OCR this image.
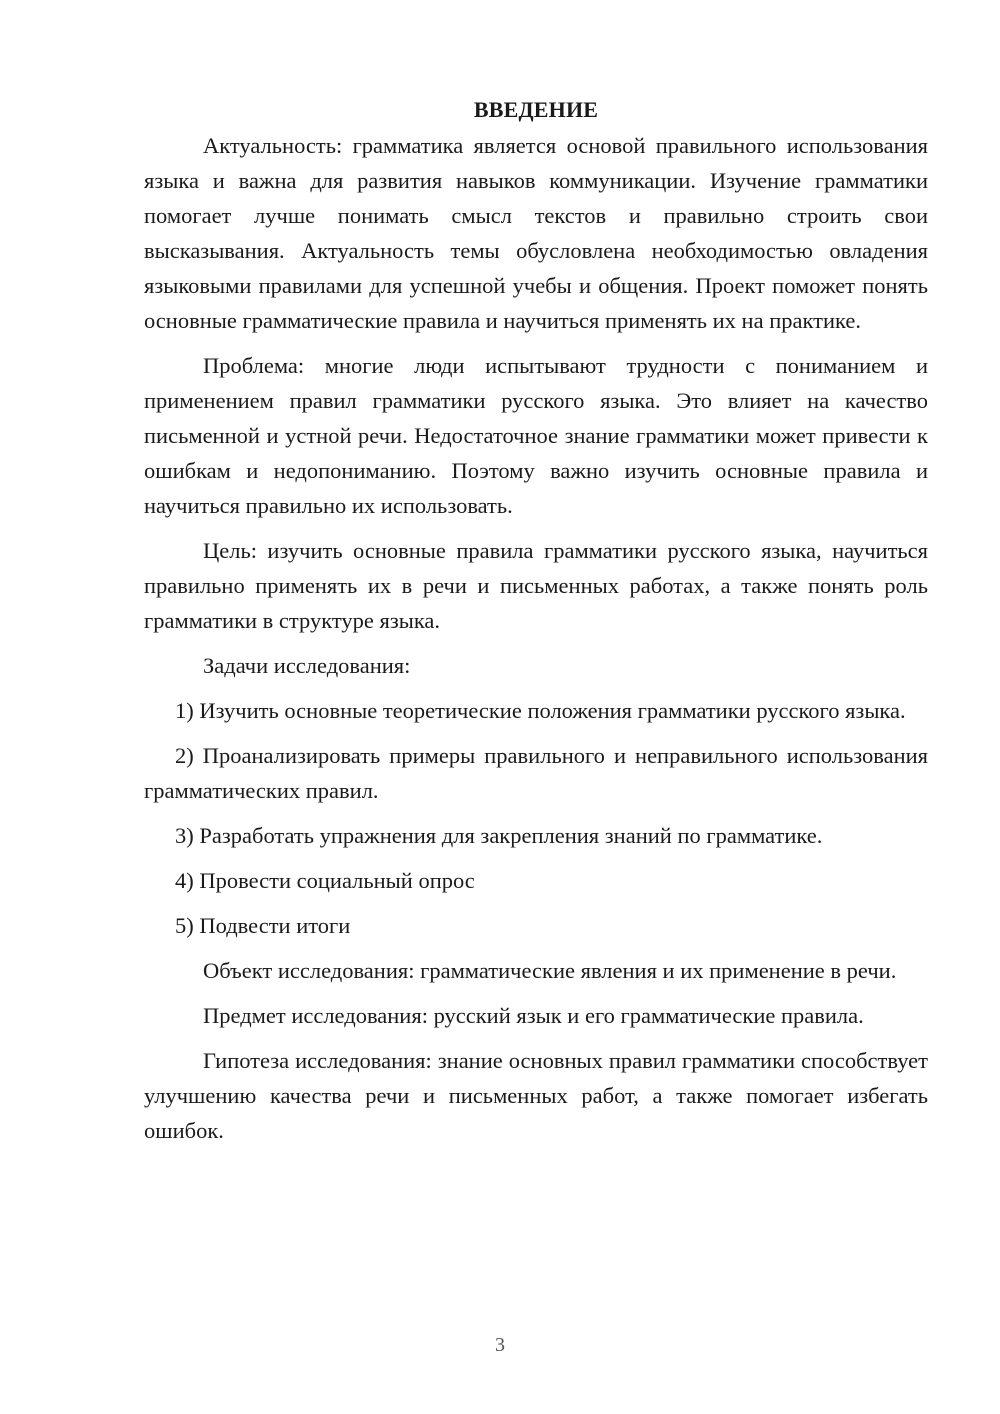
ВВЕДЕНИЕ

Актуальность: грамматика является основой правильного использования языка и важна для развития навыков коммуникации. Изучение грамматики помогает лучше понимать смысл текстов и правильно строить свои высказывания. Актуальность темы обусловлена необходимостью овладения языковыми правилами для успешной учебы и общения. Проект поможет понять основные грамматические правила и научиться применять их на практике.

Проблема: многие люди испытывают трудности с пониманием и применением правил грамматики русского языка. Это влияет на качество письменной и устной речи. Недостаточное знание грамматики может привести к ошибкам и недопониманию. Поэтому важно изучить основные правила и научиться правильно их использовать.

Цель: изучить основные правила грамматики русского языка, научиться правильно применять их в речи и письменных работах, а также понять роль грамматики в структуре языка.

Задачи исследования:

1) Изучить основные теоретические положения грамматики русского языка.

2) Проанализировать примеры правильного и неправильного использования грамматических правил.

3) Разработать упражнения для закрепления знаний по грамматике.

4) Провести социальный опрос

5) Подвести итоги

Объект исследования: грамматические явления и их применение в речи.

Предмет исследования: русский язык и его грамматические правила.

Гипотеза исследования: знание основных правил грамматики способствует улучшению качества речи и письменных работ, а также помогает избегать ошибок.

3
